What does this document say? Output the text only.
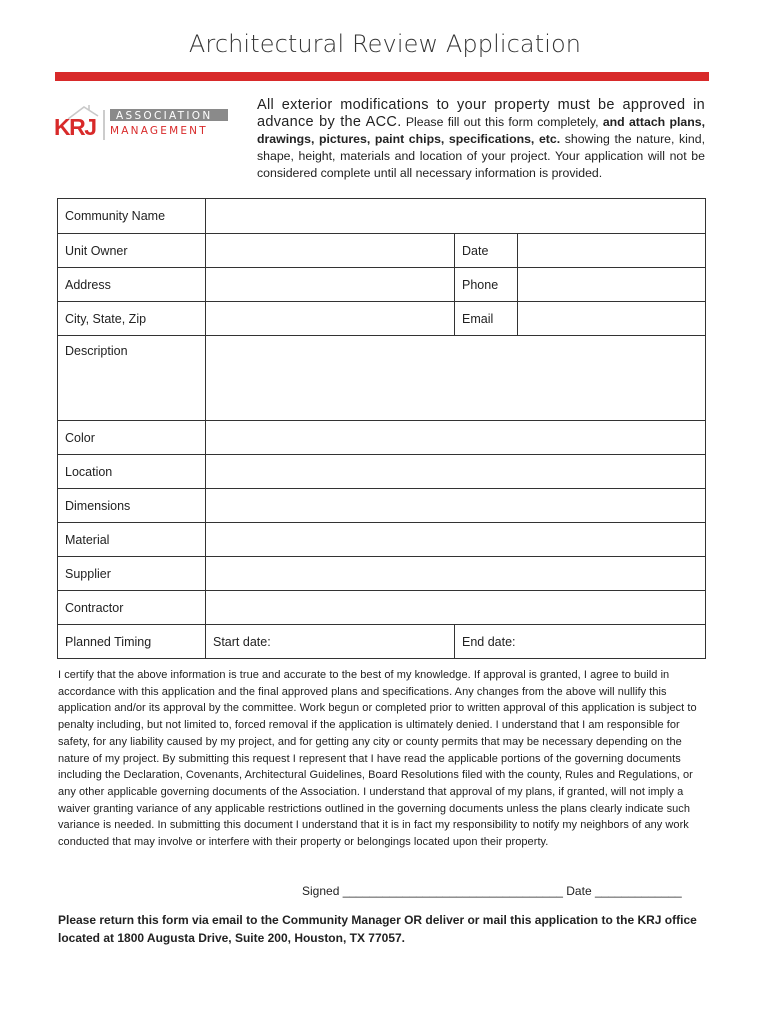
Architectural Review Application
KRJ ASSOCIATION
MANAGEMENT
All exterior modifications to your property must be approved in advance by the ACC. Please fill out this form completely, and attach plans, drawings, pictures, paint chips, specifications, etc. showing the nature, kind, shape, height, materials and location of your project. Your application will not be considered complete until all necessary information is provided.
Community Name			
Unit Owner		Date	
Address		Phone	
City, State, Zip		Email	
Description			
Color			
Location			
Dimensions			
Material			
Supplier			
Contractor			
Planned Timing	Start date:	End date:	
I certify that the above information is true and accurate to the best of my knowledge. If approval is granted, I agree to build in accordance with this application and the final approved plans and specifications. Any changes from the above will nullify this application and/or its approval by the committee. Work begun or completed prior to written approval of this application is subject to penalty including, but not limited to, forced removal if the application is ultimately denied. I understand that I am responsible for safety, for any liability caused by my project, and for getting any city or county permits that may be necessary depending on the nature of my project. By submitting this request I represent that I have read the applicable portions of the governing documents including the Declaration, Covenants, Architectural Guidelines, Board Resolutions filed with the county, Rules and Regulations, or any other applicable governing documents of the Association. I understand that approval of my plans, if granted, will not imply a waiver granting variance of any applicable restrictions outlined in the governing documents unless the plans clearly indicate such variance is needed. In submitting this document I understand that it is in fact my responsibility to notify my neighbors of any work conducted that may involve or interfere with their property or belongings located upon their property.
Signed _________________________________ Date _____________
Please return this form via email to the Community Manager OR deliver or mail this application to the KRJ office located at 1800 Augusta Drive, Suite 200, Houston, TX 77057.
